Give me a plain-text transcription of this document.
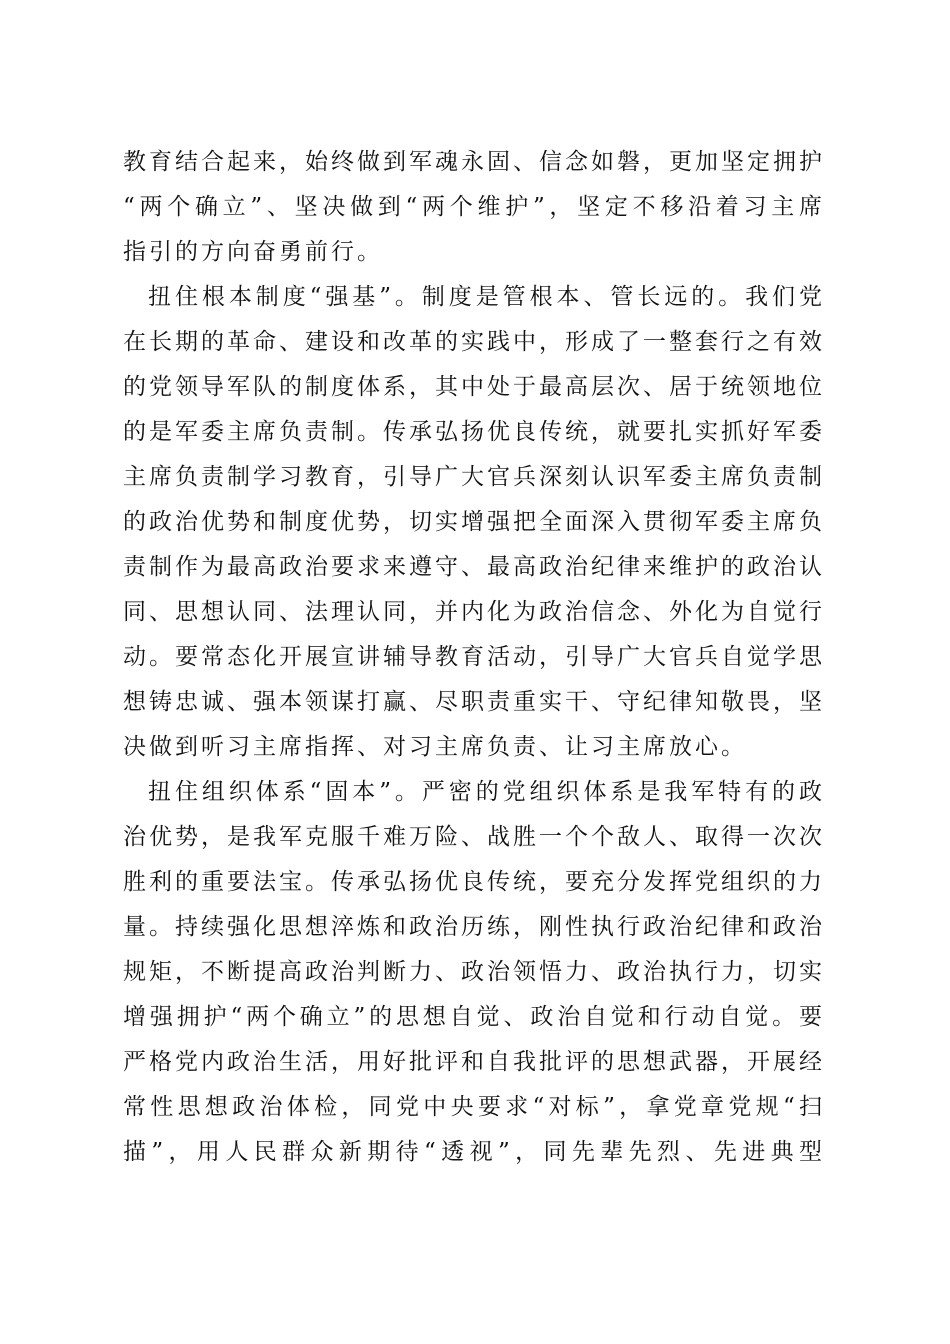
教育结合起来，始终做到军魂永固、信念如磐，更加坚定拥护
“两个确立”、坚决做到“两个维护”，坚定不移沿着习主席
指引的方向奋勇前行。
扭住根本制度“强基”。制度是管根本、管长远的。我们党
在长期的革命、建设和改革的实践中，形成了一整套行之有效
的党领导军队的制度体系，其中处于最高层次、居于统领地位
的是军委主席负责制。传承弘扬优良传统，就要扎实抓好军委
主席负责制学习教育，引导广大官兵深刻认识军委主席负责制
的政治优势和制度优势，切实增强把全面深入贯彻军委主席负
责制作为最高政治要求来遵守、最高政治纪律来维护的政治认
同、思想认同、法理认同，并内化为政治信念、外化为自觉行
动。要常态化开展宣讲辅导教育活动，引导广大官兵自觉学思
想铸忠诚、强本领谋打赢、尽职责重实干、守纪律知敬畏，坚
决做到听习主席指挥、对习主席负责、让习主席放心。
扭住组织体系“固本”。严密的党组织体系是我军特有的政
治优势，是我军克服千难万险、战胜一个个敌人、取得一次次
胜利的重要法宝。传承弘扬优良传统，要充分发挥党组织的力
量。持续强化思想淬炼和政治历练，刚性执行政治纪律和政治
规矩，不断提高政治判断力、政治领悟力、政治执行力，切实
增强拥护“两个确立”的思想自觉、政治自觉和行动自觉。要
严格党内政治生活，用好批评和自我批评的思想武器，开展经
常性思想政治体检，同党中央要求“对标”，拿党章党规“扫
描”，用人民群众新期待“透视”，同先辈先烈、先进典型
